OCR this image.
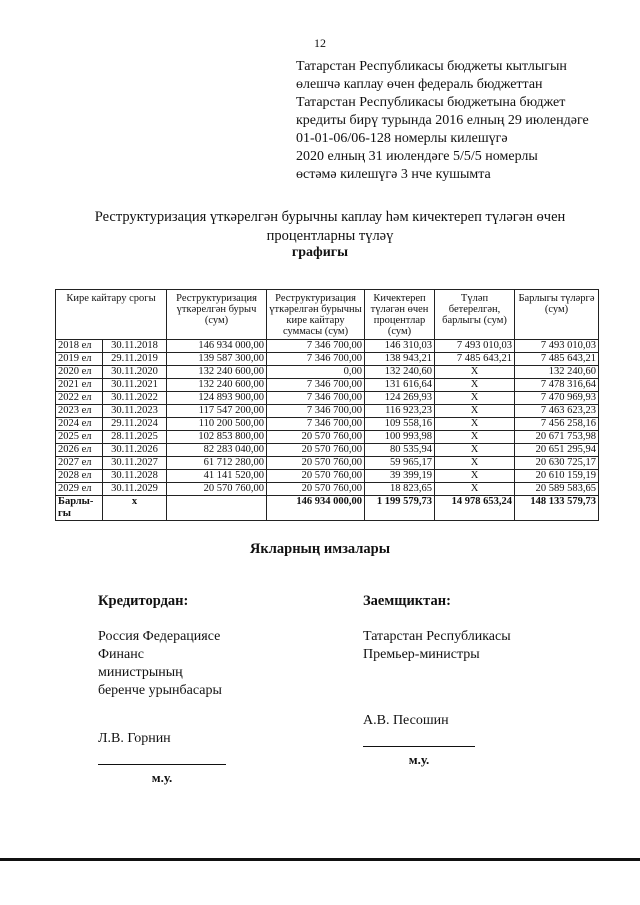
12
Татарстан Республикасы бюджеты кытлыгын
өлешчә каплау өчен федераль бюджеттан
Татарстан Республикасы бюджетына бюджет
кредиты бирү турында 2016 елның 29 июлендәге
01-01-06/06-128 номерлы килешүгә
2020 елның 31 июлендәге 5/5/5 номерлы
өстәмә килешүгә 3 нче кушымта
Реструктуризация үткәрелгән бурычны каплау һәм кичектереп түләгән өчен
процентларны түләү
графигы
Кире кайтару срогы		Реструктуризация үткәрелгән бурыч (сум)	Реструктуризация үткәрелгән бурычны кире кайтару суммасы (сум)	Кичектереп түләгән өчен процентлар (сум)	Түләп бетерелгән, барлыгы (сум)	Барлыгы түләргә (сум)
2018 ел	30.11.2018	146 934 000,00	7 346 700,00	146 310,03	7 493 010,03	7 493 010,03
2019 ел	29.11.2019	139 587 300,00	7 346 700,00	138 943,21	7 485 643,21	7 485 643,21
2020 ел	30.11.2020	132 240 600,00	0,00	132 240,60	X	132 240,60
2021 ел	30.11.2021	132 240 600,00	7 346 700,00	131 616,64	X	7 478 316,64
2022 ел	30.11.2022	124 893 900,00	7 346 700,00	124 269,93	X	7 470 969,93
2023 ел	30.11.2023	117 547 200,00	7 346 700,00	116 923,23	X	7 463 623,23
2024 ел	29.11.2024	110 200 500,00	7 346 700,00	109 558,16	X	7 456 258,16
2025 ел	28.11.2025	102 853 800,00	20 570 760,00	100 993,98	X	20 671 753,98
2026 ел	30.11.2026	82 283 040,00	20 570 760,00	80 535,94	X	20 651 295,94
2027 ел	30.11.2027	61 712 280,00	20 570 760,00	59 965,17	X	20 630 725,17
2028 ел	30.11.2028	41 141 520,00	20 570 760,00	39 399,19	X	20 610 159,19
2029 ел	30.11.2029	20 570 760,00	20 570 760,00	18 823,65	X	20 589 583,65
Барлы-гы	х		146 934 000,00	1 199 579,73	14 978 653,24	148 133 579,73
Якларның имзалары
Кредитордан:
Россия Федерациясе
Финанс министрының
беренче урынбасары
Л.В. Горнин
м.у.
Заемщиктан:
Татарстан Республикасы
Премьер-министры
А.В. Песошин
м.у.
